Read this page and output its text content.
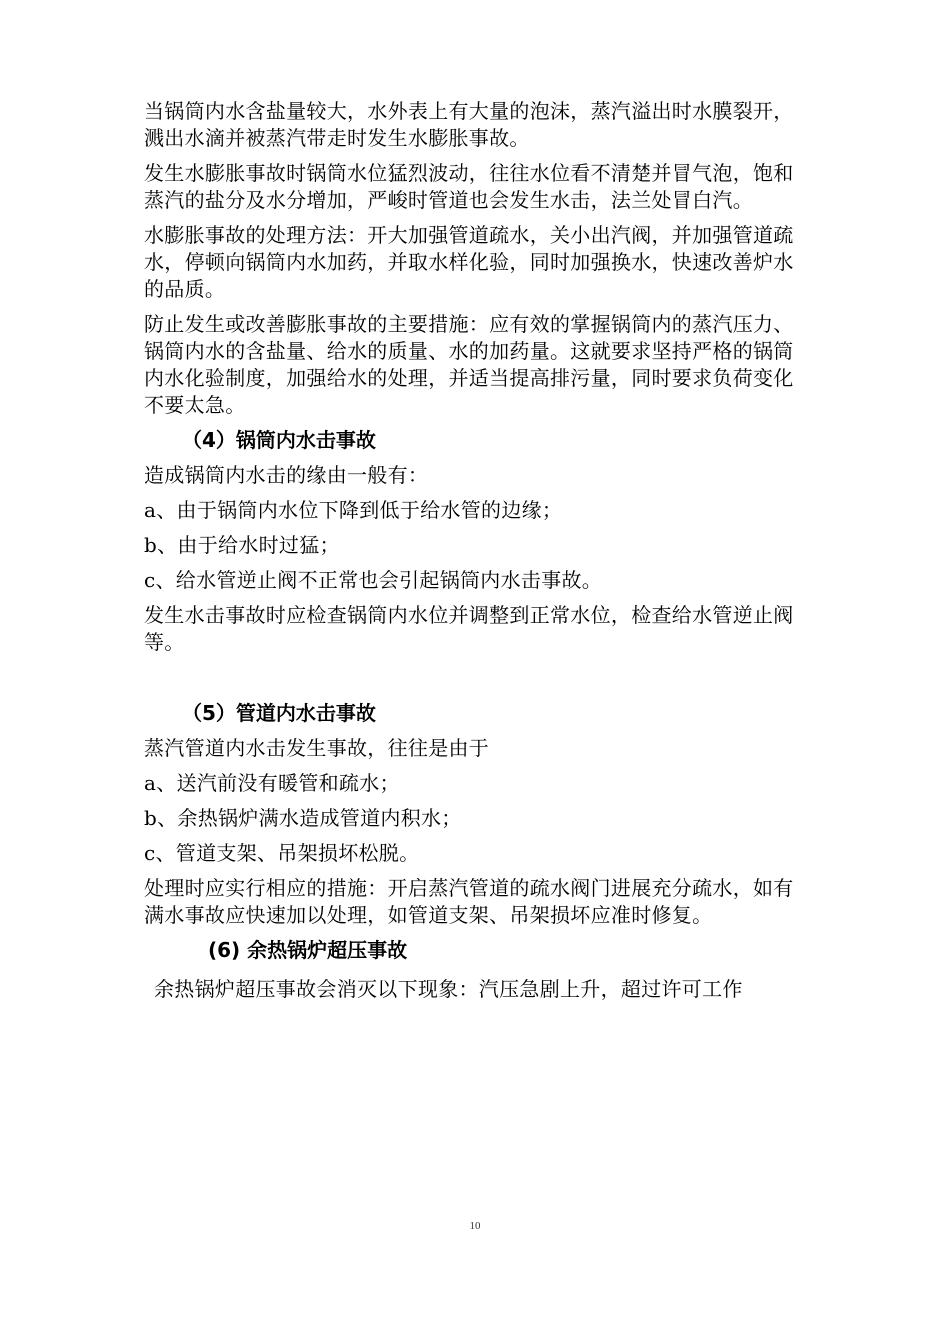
当锅筒内水含盐量较大，水外表上有大量的泡沫，蒸汽溢出时水膜裂开，溅出水滴并被蒸汽带走时发生水膨胀事故。

发生水膨胀事故时锅筒水位猛烈波动，往往水位看不清楚并冒气泡，饱和蒸汽的盐分及水分增加，严峻时管道也会发生水击，法兰处冒白汽。

水膨胀事故的处理方法：开大加强管道疏水，关小出汽阀，并加强管道疏水，停顿向锅筒内水加药，并取水样化验，同时加强换水，快速改善炉水的品质。

防止发生或改善膨胀事故的主要措施：应有效的掌握锅筒内的蒸汽压力、锅筒内水的含盐量、给水的质量、水的加药量。这就要求坚持严格的锅筒内水化验制度，加强给水的处理，并适当提高排污量，同时要求负荷变化不要太急。

（4）锅筒内水击事故

造成锅筒内水击的缘由一般有：

a、由于锅筒内水位下降到低于给水管的边缘；

b、由于给水时过猛；

c、给水管逆止阀不正常也会引起锅筒内水击事故。

发生水击事故时应检查锅筒内水位并调整到正常水位，检查给水管逆止阀等。

（5）管道内水击事故

蒸汽管道内水击发生事故，往往是由于

a、送汽前没有暖管和疏水；

b、余热锅炉满水造成管道内积水；

c、管道支架、吊架损坏松脱。

处理时应实行相应的措施：开启蒸汽管道的疏水阀门进展充分疏水，如有满水事故应快速加以处理，如管道支架、吊架损坏应准时修复。

(6) 余热锅炉超压事故

余热锅炉超压事故会消灭以下现象：汽压急剧上升，超过许可工作

10
